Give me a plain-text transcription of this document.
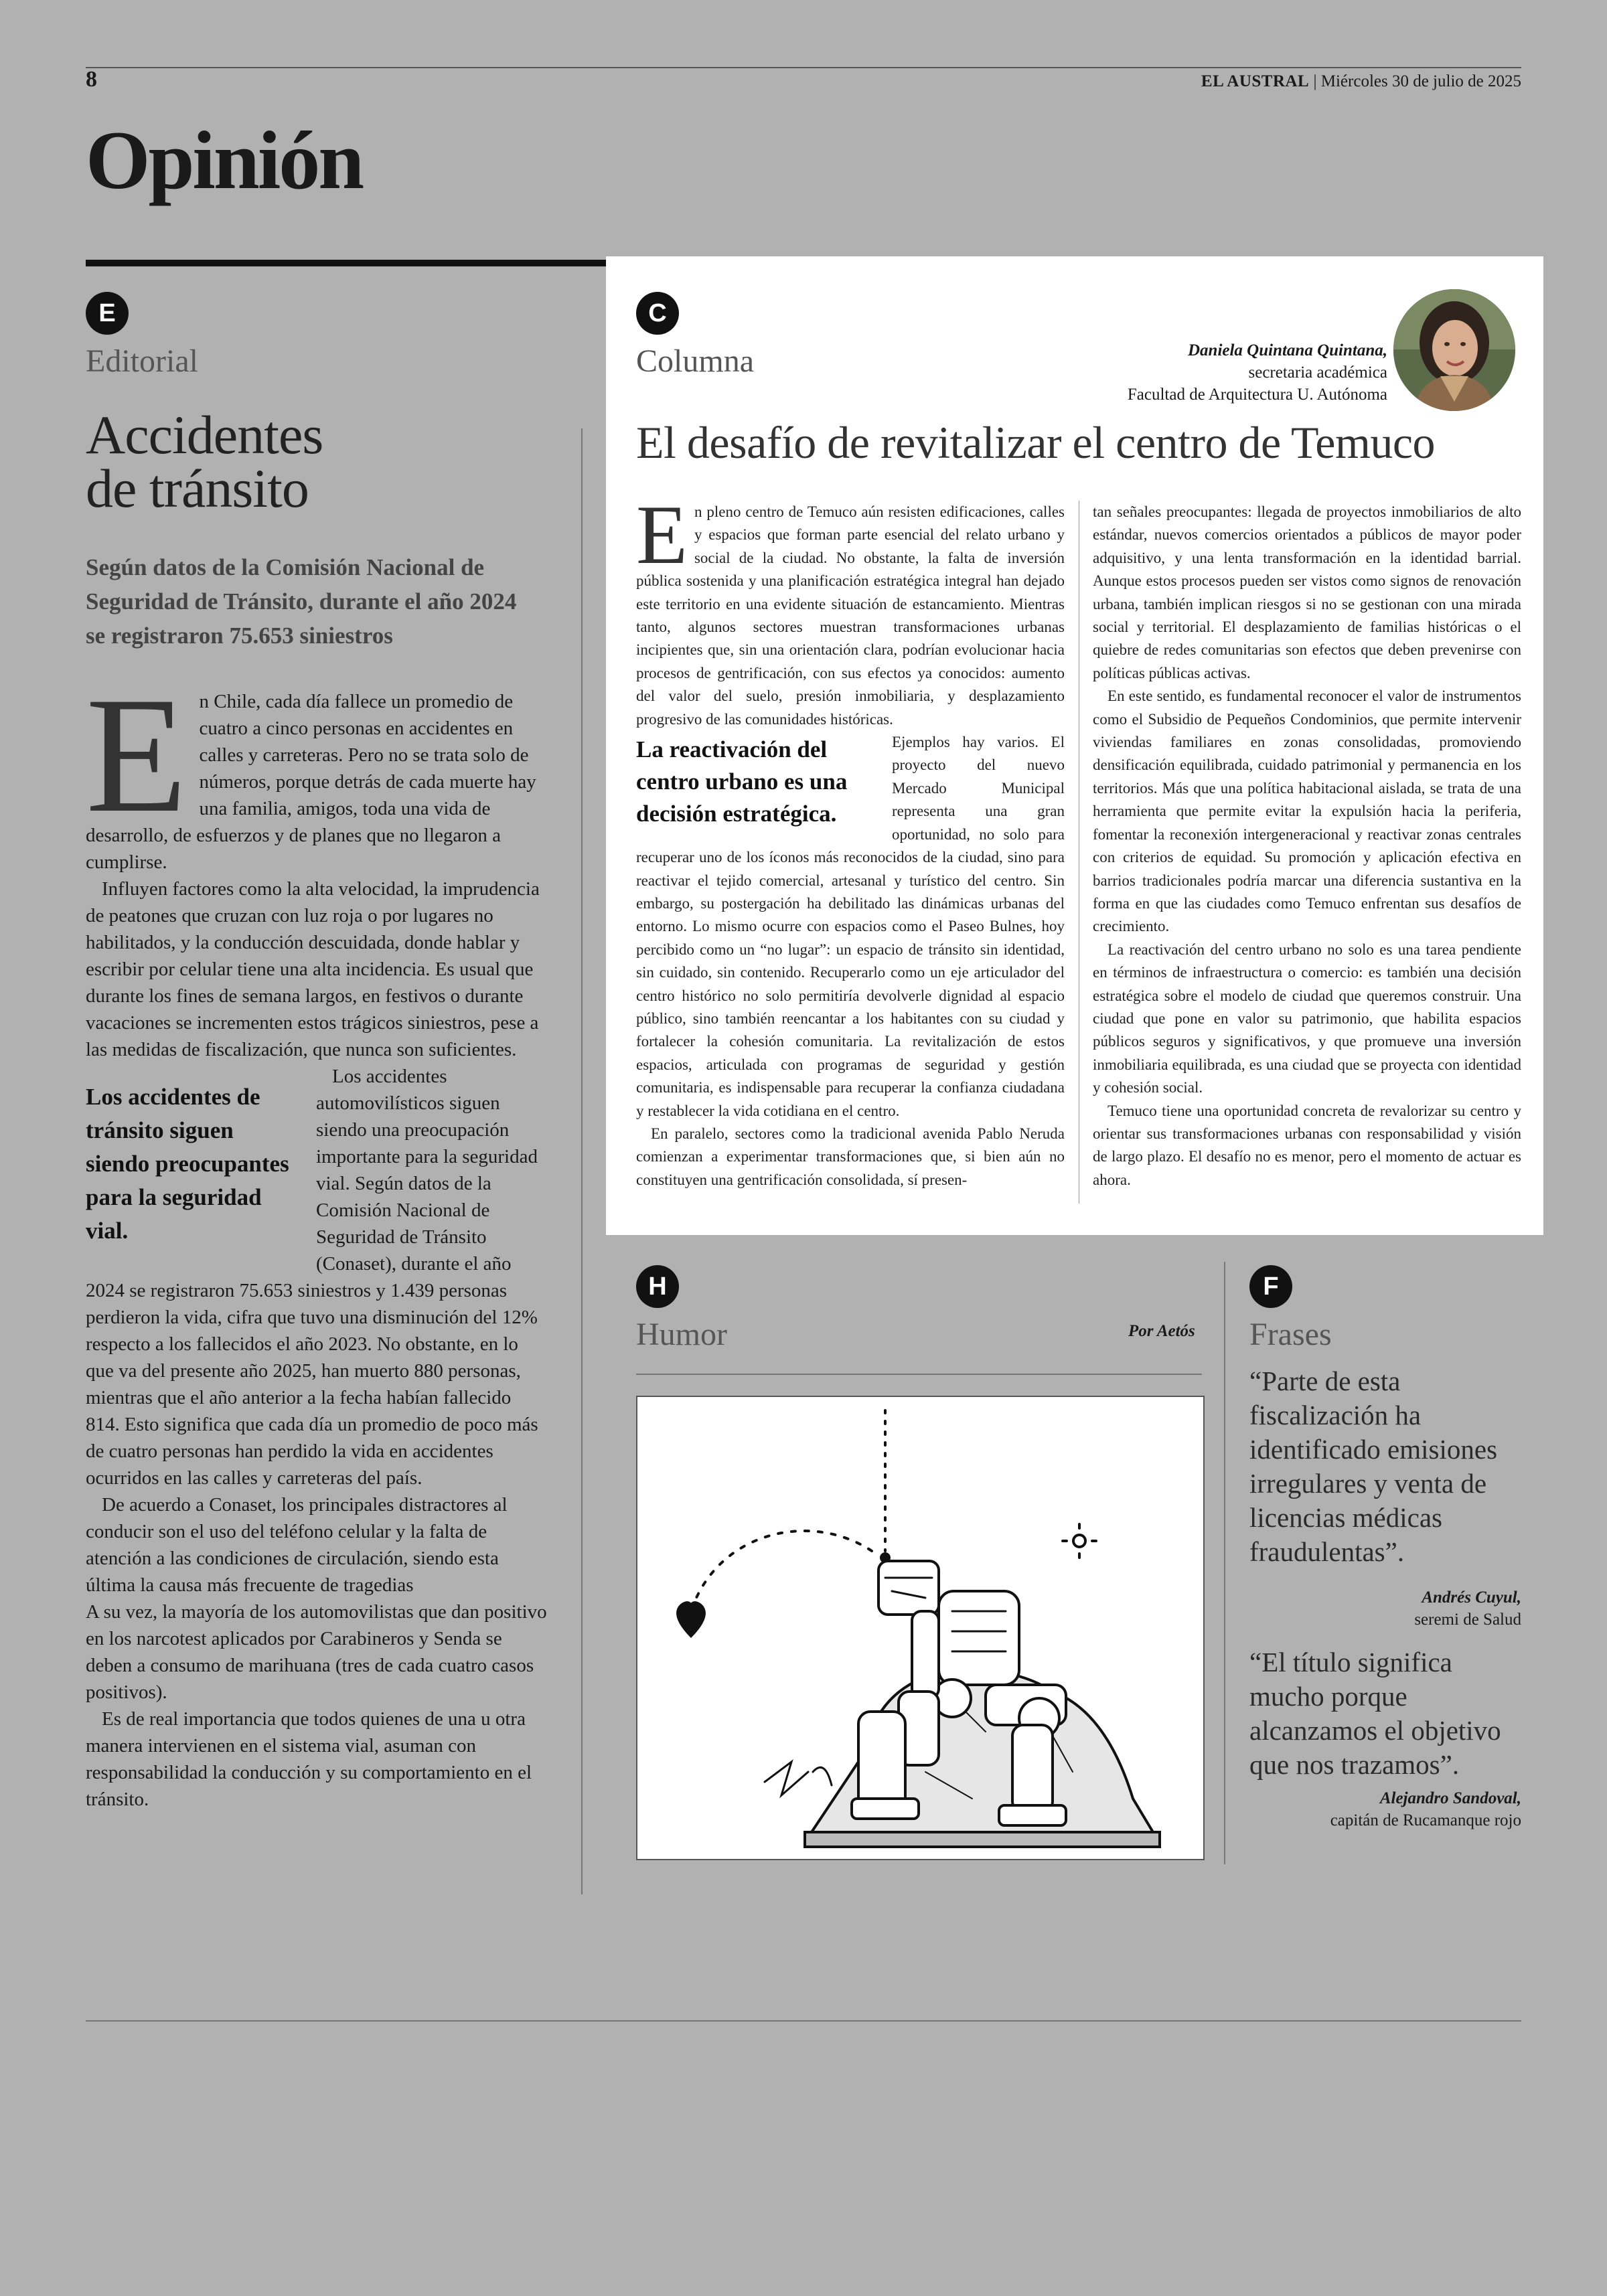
8	EL AUSTRAL | Miércoles 30 de julio de 2025
Opinión
E
Editorial
Accidentes
de tránsito
Según datos de la Comisión Nacional de Seguridad de Tránsito, durante el año 2024 se registraron 75.653 siniestros

En Chile, cada día fallece un promedio de cuatro a cinco personas en accidentes en calles y carreteras. Pero no se trata solo de números, porque detrás de cada muerte hay una familia, amigos, toda una vida de desarrollo, de esfuerzos y de planes que no llegaron a cumplirse.

Influyen factores como la alta velocidad, la imprudencia de peatones que cruzan con luz roja o por lugares no habilitados, y la conducción descuidada, donde hablar y escribir por celular tiene una alta incidencia. Es usual que durante los fines de semana largos, en festivos o durante vacaciones se incrementen estos trágicos siniestros, pese a las medidas de fiscalización, que nunca son suficientes.

Los accidentes de tránsito siguen siendo preocupantes para la seguridad vial.
Los accidentes automovilísticos siguen siendo una preocupación importante para la seguridad vial. Según datos de la Comisión Nacional de Seguridad de Tránsito (Conaset), durante el año 2024 se registraron 75.653 siniestros y 1.439 personas perdieron la vida, cifra que tuvo una disminución del 12% respecto a los fallecidos el año 2023. No obstante, en lo que va del presente año 2025, han muerto 880 personas, mientras que el año anterior a la fecha habían fallecido 814. Esto significa que cada día un promedio de poco más de cuatro personas han perdido la vida en accidentes ocurridos en las calles y carreteras del país.

De acuerdo a Conaset, los principales distractores al conducir son el uso del teléfono celular y la falta de atención a las condiciones de circulación, siendo esta última la causa más frecuente de tragedias

A su vez, la mayoría de los automovilistas que dan positivo en los narcotest aplicados por Carabineros y Senda se deben a consumo de marihuana (tres de cada cuatro casos positivos).

Es de real importancia que todos quienes de una u otra manera intervienen en el sistema vial, asuman con responsabilidad la conducción y su comportamiento en el tránsito.

C
Columna	Daniela Quintana Quintana,
secretaria académica
Facultad de Arquitectura U. Autónoma
El desafío de revitalizar el centro de Temuco

En pleno centro de Temuco aún resisten edificaciones, calles y espacios que forman parte esencial del relato urbano y social de la ciudad. No obstante, la falta de inversión pública sostenida y una planificación estratégica integral han dejado este territorio en una evidente situación de estancamiento. Mientras tanto, algunos sectores muestran transformaciones urbanas incipientes que, sin una orientación clara, podrían evolucionar hacia procesos de gentrificación, con sus efectos ya conocidos: aumento del valor del suelo, presión inmobiliaria, y desplazamiento progresivo de las comunidades históricas.

La reactivación del centro urbano es una decisión estratégica.
Ejemplos hay varios. El proyecto del nuevo Mercado Municipal representa una gran oportunidad, no solo para recuperar uno de los íconos más reconocidos de la ciudad, sino para reactivar el tejido comercial, artesanal y turístico del centro. Sin embargo, su postergación ha debilitado las dinámicas urbanas del entorno. Lo mismo ocurre con espacios como el Paseo Bulnes, hoy percibido como un “no lugar”: un espacio de tránsito sin identidad, sin cuidado, sin contenido. Recuperarlo como un eje articulador del centro histórico no solo permitiría devolverle dignidad al espacio público, sino también reencantar a los habitantes con su ciudad y fortalecer la cohesión comunitaria. La revitalización de estos espacios, articulada con programas de seguridad y gestión comunitaria, es indispensable para recuperar la confianza ciudadana y restablecer la vida cotidiana en el centro.

En paralelo, sectores como la tradicional avenida Pablo Neruda comienzan a experimentar transformaciones que, si bien aún no constituyen una gentrificación consolidada, sí presen-

tan señales preocupantes: llegada de proyectos inmobiliarios de alto estándar, nuevos comercios orientados a públicos de mayor poder adquisitivo, y una lenta transformación en la identidad barrial. Aunque estos procesos pueden ser vistos como signos de renovación urbana, también implican riesgos si no se gestionan con una mirada social y territorial. El desplazamiento de familias históricas o el quiebre de redes comunitarias son efectos que deben prevenirse con políticas públicas activas.

En este sentido, es fundamental reconocer el valor de instrumentos como el Subsidio de Pequeños Condominios, que permite intervenir viviendas familiares en zonas consolidadas, promoviendo densificación equilibrada, cuidado patrimonial y permanencia en los territorios. Más que una política habitacional aislada, se trata de una herramienta que permite evitar la expulsión hacia la periferia, fomentar la reconexión intergeneracional y reactivar zonas centrales con criterios de equidad. Su promoción y aplicación efectiva en barrios tradicionales podría marcar una diferencia sustantiva en la forma en que las ciudades como Temuco enfrentan sus desafíos de crecimiento.

La reactivación del centro urbano no solo es una tarea pendiente en términos de infraestructura o comercio: es también una decisión estratégica sobre el modelo de ciudad que queremos construir. Una ciudad que pone en valor su patrimonio, que habilita espacios públicos seguros y significativos, y que promueve una inversión inmobiliaria equilibrada, es una ciudad que se proyecta con identidad y cohesión social.

Temuco tiene una oportunidad concreta de revalorizar su centro y orientar sus transformaciones urbanas con responsabilidad y visión de largo plazo. El desafío no es menor, pero el momento de actuar es ahora.

H
Humor	Por Aetós
F
Frases
“Parte de esta fiscalización ha identificado emisiones irregulares y venta de licencias médicas fraudulentas”.
Andrés Cuyul,
seremi de Salud
“El título significa mucho porque alcanzamos el objetivo que nos trazamos”.
Alejandro Sandoval,
capitán de Rucamanque rojo
